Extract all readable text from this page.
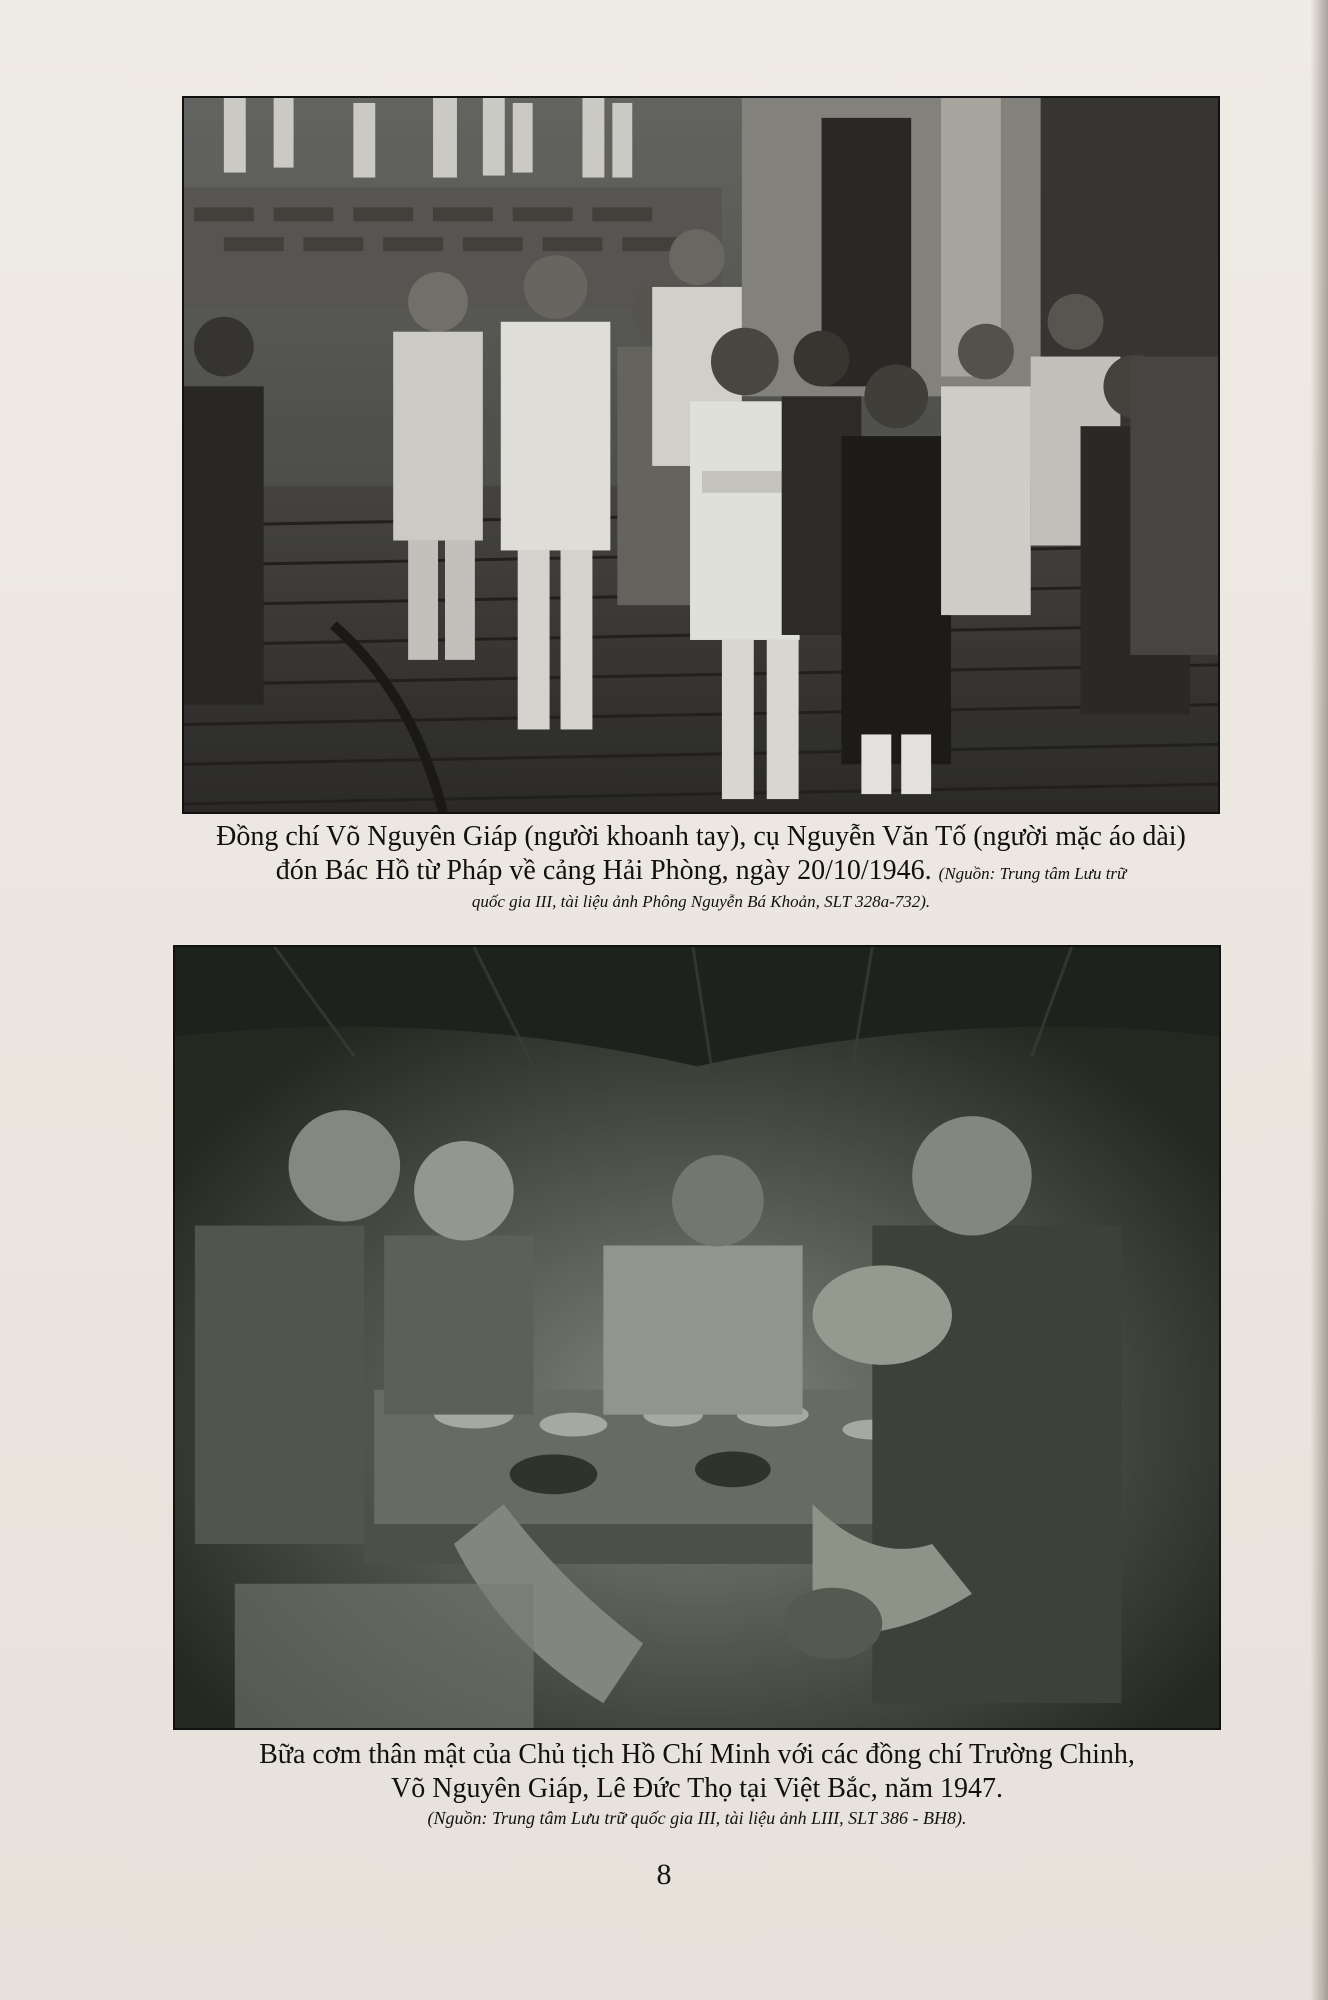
Đồng chí Võ Nguyên Giáp (người khoanh tay), cụ Nguyễn Văn Tố (người mặc áo dài)
đón Bác Hồ từ Pháp về cảng Hải Phòng, ngày 20/10/1946. (Nguồn: Trung tâm Lưu trữ
quốc gia III, tài liệu ảnh Phông Nguyễn Bá Khoản, SLT 328a-732).
Bữa cơm thân mật của Chủ tịch Hồ Chí Minh với các đồng chí Trường Chinh,
Võ Nguyên Giáp, Lê Đức Thọ tại Việt Bắc, năm 1947.
(Nguồn: Trung tâm Lưu trữ quốc gia III, tài liệu ảnh LIII, SLT 386 - BH8).
8
